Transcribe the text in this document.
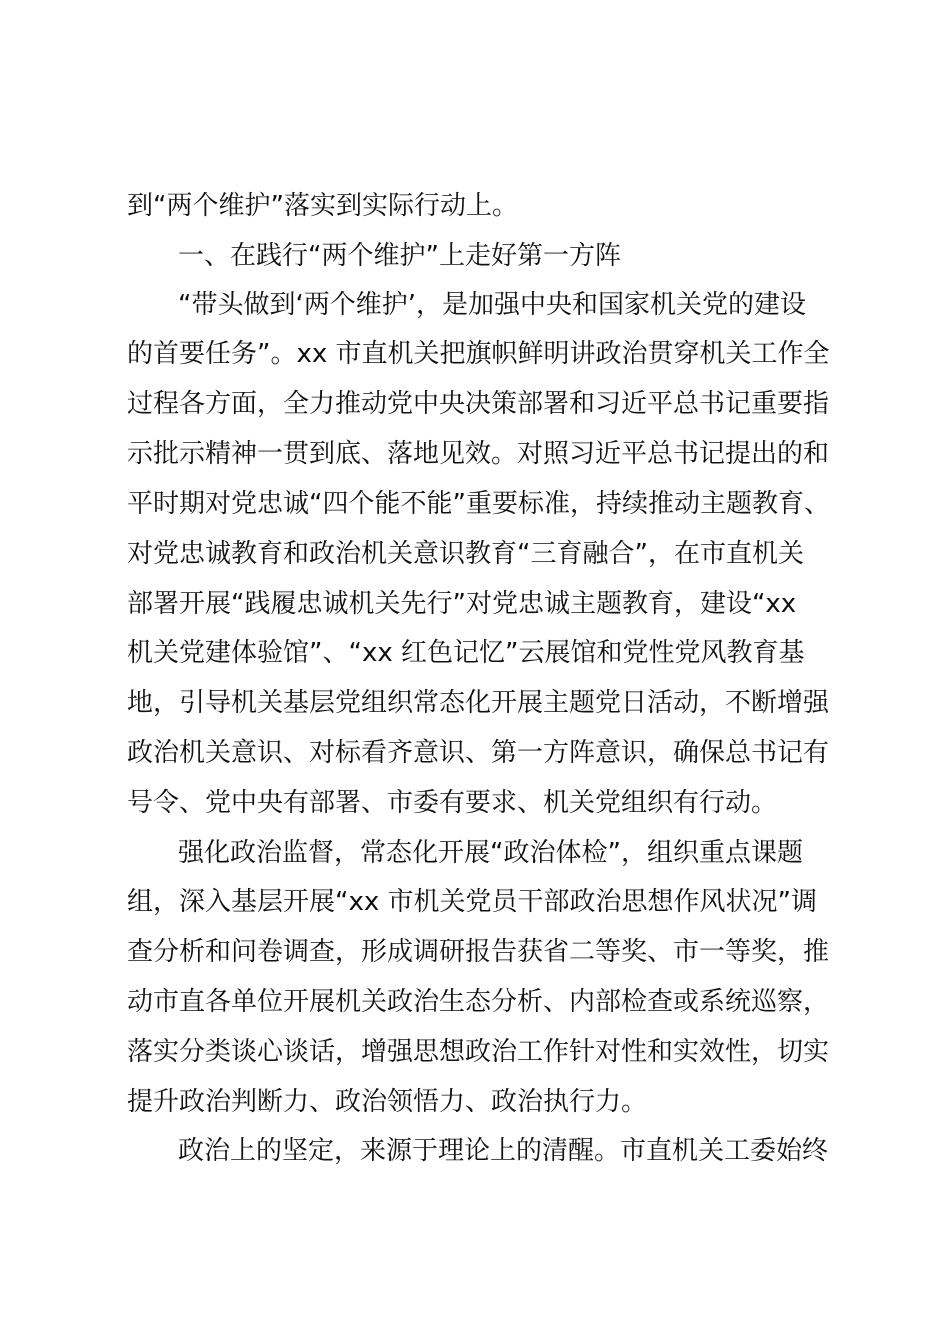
到“两个维护”落实到实际行动上。
一、在践行“两个维护”上走好第一方阵
“带头做到‘两个维护’，是加强中央和国家机关党的建设
的首要任务”。xx 市直机关把旗帜鲜明讲政治贯穿机关工作全
过程各方面，全力推动党中央决策部署和习近平总书记重要指
示批示精神一贯到底、落地见效。对照习近平总书记提出的和
平时期对党忠诚“四个能不能”重要标准，持续推动主题教育、
对党忠诚教育和政治机关意识教育“三育融合”，在市直机关
部署开展“践履忠诚机关先行”对党忠诚主题教育，建设“xx
机关党建体验馆”、“xx 红色记忆”云展馆和党性党风教育基
地，引导机关基层党组织常态化开展主题党日活动，不断增强
政治机关意识、对标看齐意识、第一方阵意识，确保总书记有
号令、党中央有部署、市委有要求、机关党组织有行动。
强化政治监督，常态化开展“政治体检”，组织重点课题
组，深入基层开展“xx 市机关党员干部政治思想作风状况”调
查分析和问卷调查，形成调研报告获省二等奖、市一等奖，推
动市直各单位开展机关政治生态分析、内部检查或系统巡察，
落实分类谈心谈话，增强思想政治工作针对性和实效性，切实
提升政治判断力、政治领悟力、政治执行力。
政治上的坚定，来源于理论上的清醒。市直机关工委始终
